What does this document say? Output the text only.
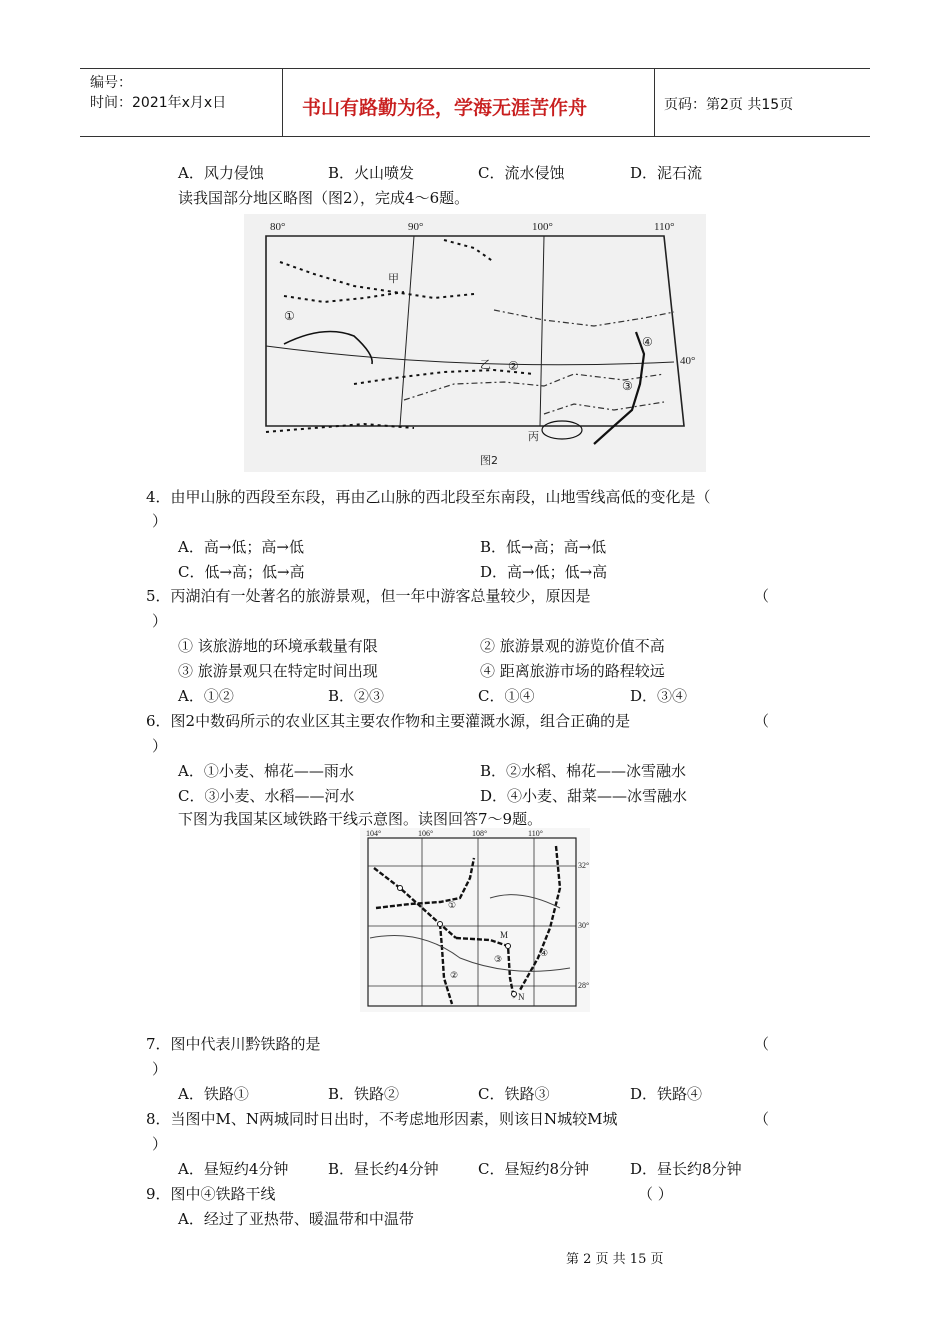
编号：
时间：2021年x月x日	书山有路勤为径，学海无涯苦作舟	页码：第2页 共15页
A．风力侵蚀	B．火山喷发	C．流水侵蚀	D．泥石流
读我国部分地区略图（图2），完成4～6题。
80°	90°	100°	110°
40°
甲
乙
丙
①
②
③
④
图2
4．由甲山脉的西段至东段，再由乙山脉的西北段至东南段，山地雪线高低的变化是（
）
A．高→低；高→低	B．低→高；高→低
C．低→高；低→高	D．高→低；低→高
5．丙湖泊有一处著名的旅游景观，但一年中游客总量较少，原因是	（
）
① 该旅游地的环境承载量有限	② 旅游景观的游览价值不高
③ 旅游景观只在特定时间出现	④ 距离旅游市场的路程较远
A．①②	B．②③	C．①④	D．③④
6．图2中数码所示的农业区其主要农作物和主要灌溉水源，组合正确的是	（
）
A．①小麦、棉花——雨水	B．②水稻、棉花——冰雪融水
C．③小麦、水稻——河水	D．④小麦、甜菜——冰雪融水
下图为我国某区域铁路干线示意图。读图回答7～9题。
104°	106°	108°	110°
32°
30°
28°
①
②
③
④
M
N
7．图中代表川黔铁路的是	（
）
A．铁路①	B．铁路②	C．铁路③	D．铁路④
8．当图中M、N两城同时日出时，不考虑地形因素，则该日N城较M城	（
）
A．昼短约4分钟	B．昼长约4分钟	C．昼短约8分钟	D．昼长约8分钟
9．图中④铁路干线	（ ）
A．经过了亚热带、暖温带和中温带
第 2 页 共 15 页
